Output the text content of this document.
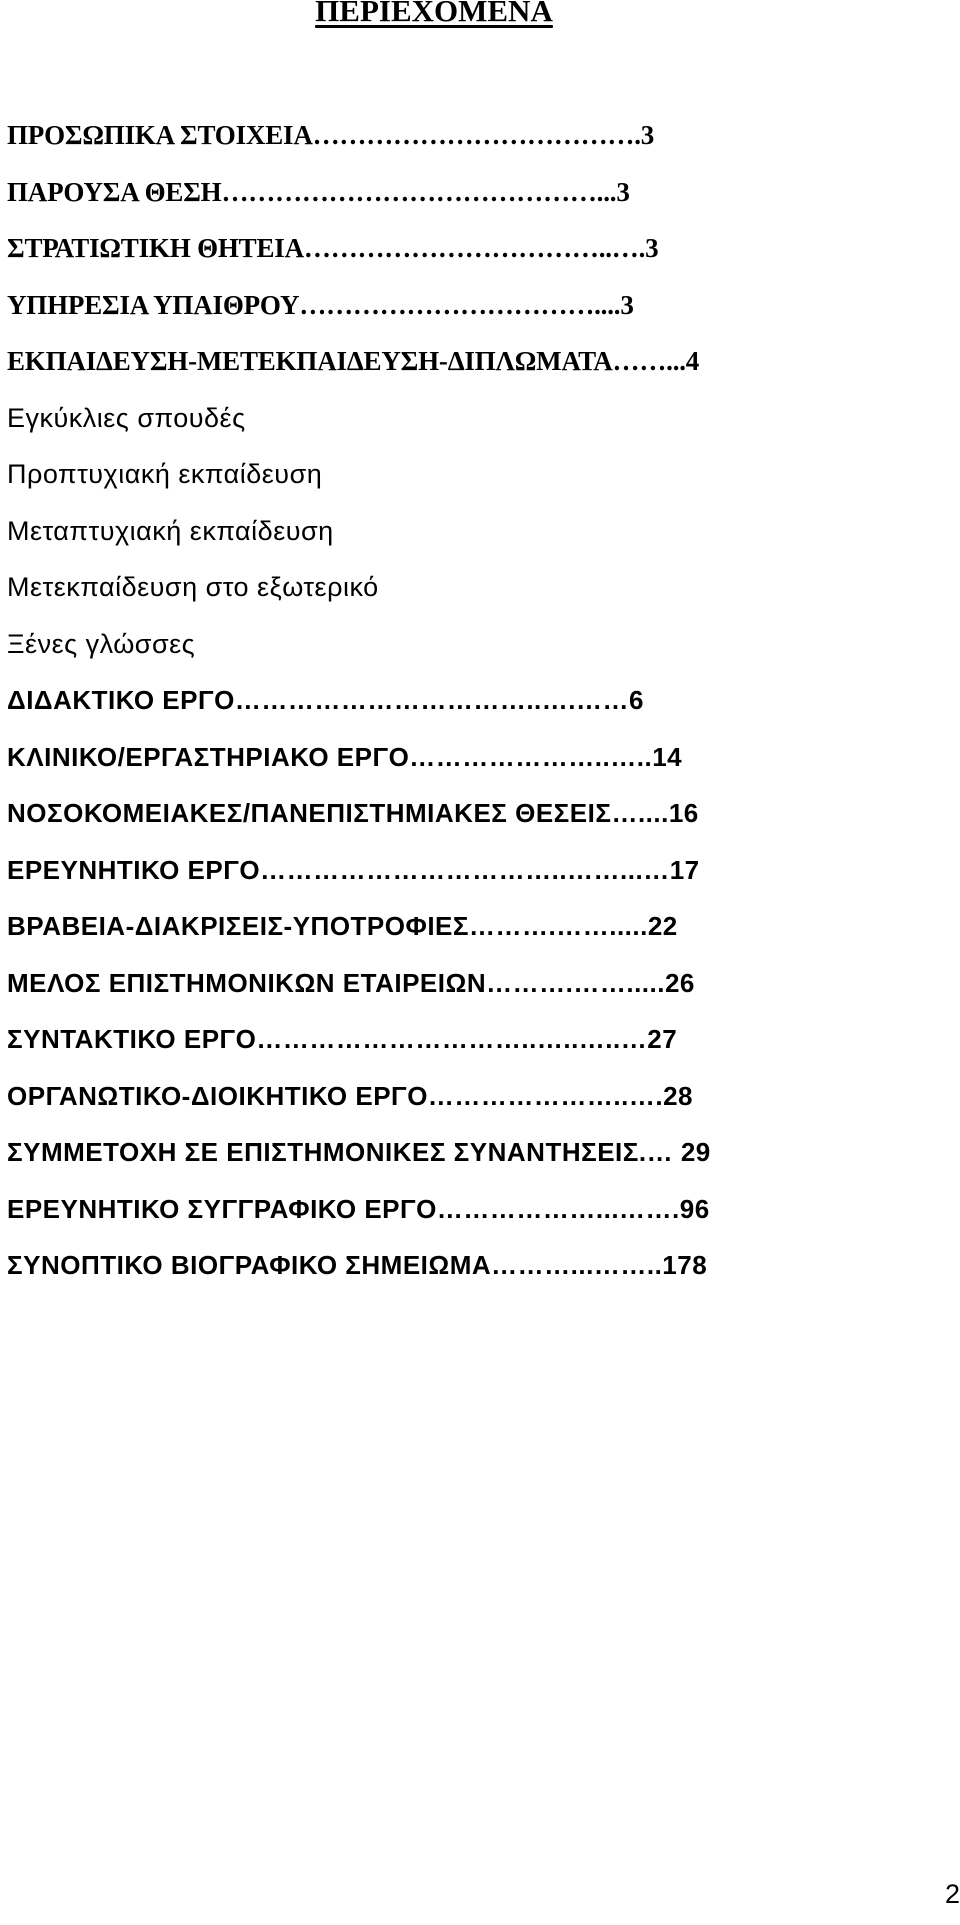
ΠΕΡΙΕΧΟΜΕΝΑ
ΠΡΟΣΩΠΙΚΑ ΣΤΟΙΧΕΙΑ……………………………….3
ΠΑΡΟΥΣΑ ΘΕΣΗ……………………………………...3
ΣΤΡΑΤΙΩΤΙΚΗ ΘΗΤΕΙΑ……………………………..….3
ΥΠΗΡΕΣΙΑ ΥΠΑΙΘΡΟΥ……………………………....3
ΕΚΠΑΙΔΕΥΣΗ-ΜΕΤΕΚΠΑΙΔΕΥΣΗ-ΔΙΠΛΩΜΑΤΑ……...4
Εγκύκλιες σπουδές
Προπτυχιακή εκπαίδευση
Μεταπτυχιακή εκπαίδευση
Μετεκπαίδευση στο εξωτερικό
Ξένες γλώσσες
ΔΙΔΑΚΤΙΚΟ ΕΡΓΟ……………………………..….……6
ΚΛΙΝΙΚΟ/ΕΡΓΑΣΤΗΡΙΑΚΟ ΕΡΓΟ…………………..…..14
ΝΟΣΟΚΟΜΕΙΑΚΕΣ/ΠΑΝΕΠΙΣΤΗΜΙΑΚΕΣ ΘΕΣΕΙΣ…....16
ΕΡΕΥΝΗΤΙΚΟ ΕΡΓΟ……………………………..……...…17
ΒΡΑΒΕΙΑ-ΔΙΑΚΡΙΣΕΙΣ-ΥΠΟΤΡΟΦΙΕΣ……….…….....22
ΜΕΛΟΣ ΕΠΙΣΤΗΜΟΝΙΚΩΝ ΕΤΑΙΡΕΙΩΝ……….…….....26
ΣΥΝΤΑΚΤΙΚΟ ΕΡΓΟ…………………………..…..…..…27
ΟΡΓΑΝΩΤΙΚΟ-ΔΙΟΙΚΗΤΙΚΟ ΕΡΓΟ…………………..….28
ΣΥΜΜΕΤΟΧΗ ΣΕ ΕΠΙΣΤΗΜΟΝΙΚΕΣ ΣΥΝΑΝΤΗΣΕΙΣ.… 29
ΕΡΕΥΝΗΤΙΚΟ ΣΥΓΓΡΑΦΙΚΟ ΕΡΓΟ………………...…….96
ΣΥΝΟΠΤΙΚΟ ΒΙΟΓΡΑΦΙΚΟ ΣΗΜΕΙΩΜΑ………...……..178
2
